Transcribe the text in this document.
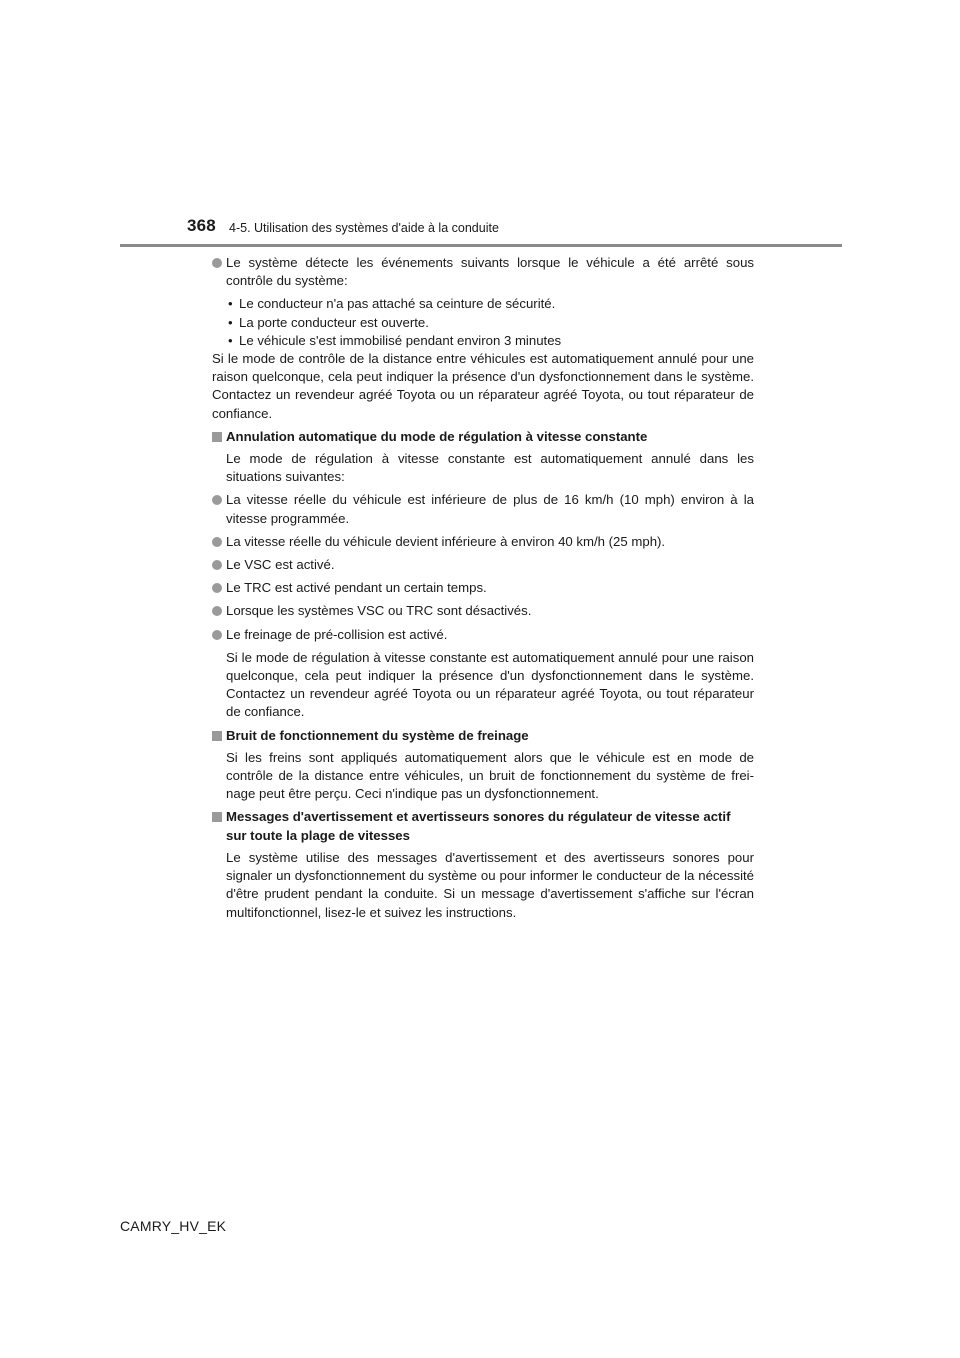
368 4-5. Utilisation des systèmes d'aide à la conduite
Le système détecte les événements suivants lorsque le véhicule a été arrêté sous contrôle du système:
• Le conducteur n'a pas attaché sa ceinture de sécurité.
• La porte conducteur est ouverte.
• Le véhicule s'est immobilisé pendant environ 3 minutes
Si le mode de contrôle de la distance entre véhicules est automatiquement annulé pour une raison quelconque, cela peut indiquer la présence d'un dysfonctionnement dans le système. Contactez un revendeur agréé Toyota ou un réparateur agréé Toyota, ou tout réparateur de confiance.
Annulation automatique du mode de régulation à vitesse constante
Le mode de régulation à vitesse constante est automatiquement annulé dans les situations suivantes:
La vitesse réelle du véhicule est inférieure de plus de 16 km/h (10 mph) environ à la vitesse programmée.
La vitesse réelle du véhicule devient inférieure à environ 40 km/h (25 mph).
Le VSC est activé.
Le TRC est activé pendant un certain temps.
Lorsque les systèmes VSC ou TRC sont désactivés.
Le freinage de pré-collision est activé.
Si le mode de régulation à vitesse constante est automatiquement annulé pour une raison quelconque, cela peut indiquer la présence d'un dysfonctionnement dans le système. Contactez un revendeur agréé Toyota ou un réparateur agréé Toyota, ou tout réparateur de confiance.
Bruit de fonctionnement du système de freinage
Si les freins sont appliqués automatiquement alors que le véhicule est en mode de contrôle de la distance entre véhicules, un bruit de fonctionnement du système de frei-nage peut être perçu. Ceci n'indique pas un dysfonctionnement.
Messages d'avertissement et avertisseurs sonores du régulateur de vitesse actif sur toute la plage de vitesses
Le système utilise des messages d'avertissement et des avertisseurs sonores pour signaler un dysfonctionnement du système ou pour informer le conducteur de la nécessité d'être prudent pendant la conduite. Si un message d'avertissement s'affiche sur l'écran multifonctionnel, lisez-le et suivez les instructions.
CAMRY_HV_EK
